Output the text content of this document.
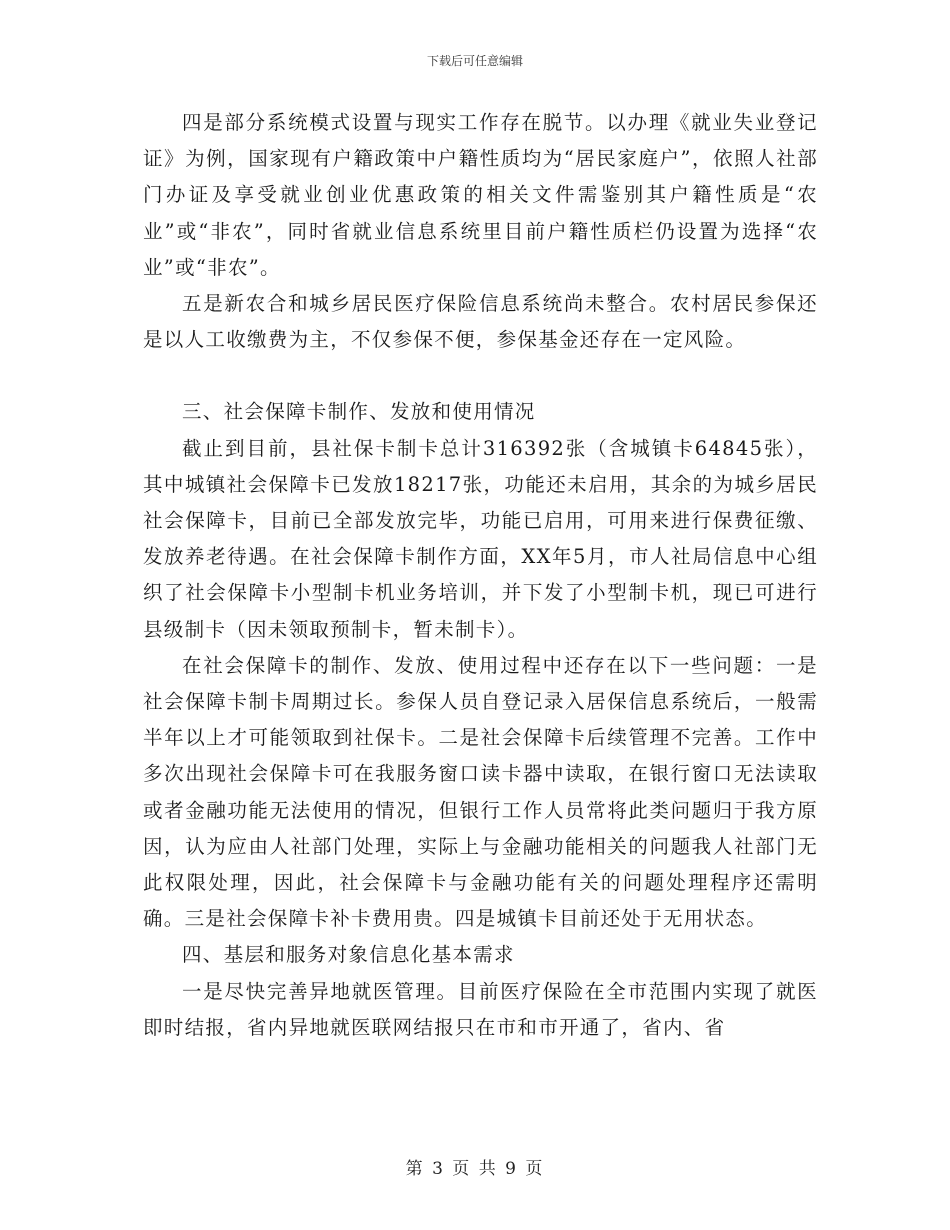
下载后可任意编辑

四是部分系统模式设置与现实工作存在脱节。以办理《就业失业登记证》为例，国家现有户籍政策中户籍性质均为“居民家庭户”，依照人社部门办证及享受就业创业优惠政策的相关文件需鉴别其户籍性质是“农业”或“非农”，同时省就业信息系统里目前户籍性质栏仍设置为选择“农业”或“非农”。

五是新农合和城乡居民医疗保险信息系统尚未整合。农村居民参保还是以人工收缴费为主，不仅参保不便，参保基金还存在一定风险。

三、社会保障卡制作、发放和使用情况

截止到目前，县社保卡制卡总计316392张（含城镇卡64845张），其中城镇社会保障卡已发放18217张，功能还未启用，其余的为城乡居民社会保障卡，目前已全部发放完毕，功能已启用，可用来进行保费征缴、发放养老待遇。在社会保障卡制作方面，XX年5月，市人社局信息中心组织了社会保障卡小型制卡机业务培训，并下发了小型制卡机，现已可进行县级制卡（因未领取预制卡，暂未制卡）。

在社会保障卡的制作、发放、使用过程中还存在以下一些问题：一是社会保障卡制卡周期过长。参保人员自登记录入居保信息系统后，一般需半年以上才可能领取到社保卡。二是社会保障卡后续管理不完善。工作中多次出现社会保障卡可在我服务窗口读卡器中读取，在银行窗口无法读取或者金融功能无法使用的情况，但银行工作人员常将此类问题归于我方原因，认为应由人社部门处理，实际上与金融功能相关的问题我人社部门无此权限处理，因此，社会保障卡与金融功能有关的问题处理程序还需明确。三是社会保障卡补卡费用贵。四是城镇卡目前还处于无用状态。

四、基层和服务对象信息化基本需求

一是尽快完善异地就医管理。目前医疗保险在全市范围内实现了就医即时结报，省内异地就医联网结报只在市和市开通了，省内、省

第 3 页 共 9 页
